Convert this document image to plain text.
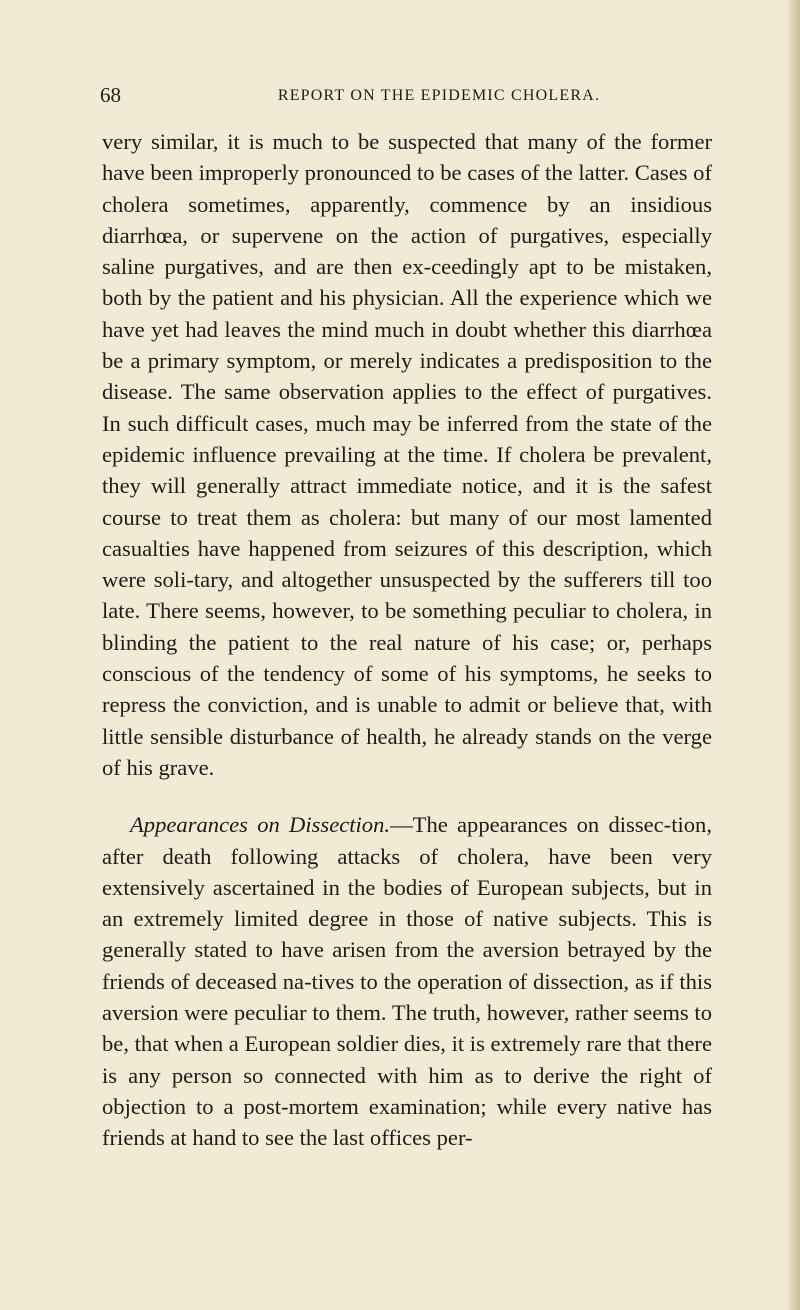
68	REPORT ON THE EPIDEMIC CHOLERA.

very similar, it is much to be suspected that many of the former have been improperly pronounced to be cases of the latter. Cases of cholera sometimes, apparently, commence by an insidious diarrhœa, or supervene on the action of purgatives, especially saline purgatives, and are then ex-ceedingly apt to be mistaken, both by the patient and his physician. All the experience which we have yet had leaves the mind much in doubt whether this diarrhœa be a primary symptom, or merely indicates a predisposition to the disease. The same observation applies to the effect of purgatives. In such difficult cases, much may be inferred from the state of the epidemic influence prevailing at the time. If cholera be prevalent, they will generally attract immediate notice, and it is the safest course to treat them as cholera: but many of our most lamented casualties have happened from seizures of this description, which were soli-tary, and altogether unsuspected by the sufferers till too late. There seems, however, to be something peculiar to cholera, in blinding the patient to the real nature of his case; or, perhaps conscious of the tendency of some of his symptoms, he seeks to repress the conviction, and is unable to admit or believe that, with little sensible disturbance of health, he already stands on the verge of his grave.

Appearances on Dissection.—The appearances on dissec-tion, after death following attacks of cholera, have been very extensively ascertained in the bodies of European subjects, but in an extremely limited degree in those of native subjects. This is generally stated to have arisen from the aversion betrayed by the friends of deceased na-tives to the operation of dissection, as if this aversion were peculiar to them. The truth, however, rather seems to be, that when a European soldier dies, it is extremely rare that there is any person so connected with him as to derive the right of objection to a post-mortem examination; while every native has friends at hand to see the last offices per-
